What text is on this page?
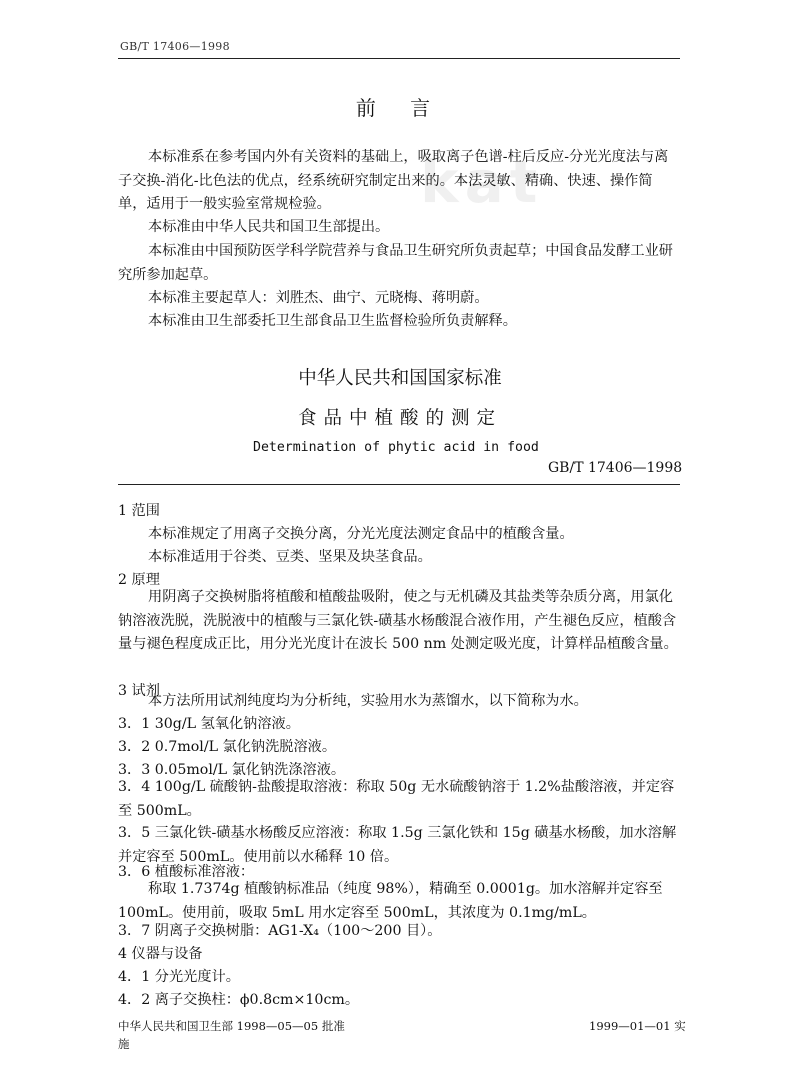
kat
GB/T 17406—1998
前 言
本标准系在参考国内外有关资料的基础上，吸取离子色谱-柱后反应-分光光度法与离子交换-消化-比色法的优点，经系统研究制定出来的。本法灵敏、精确、快速、操作简单，适用于一般实验室常规检验。
本标准由中华人民共和国卫生部提出。
本标准由中国预防医学科学院营养与食品卫生研究所负责起草；中国食品发酵工业研究所参加起草。
本标准主要起草人：刘胜杰、曲宁、元晓梅、蒋明蔚。
本标准由卫生部委托卫生部食品卫生监督检验所负责解释。
中华人民共和国国家标准
食品中植酸的测定
Determination of phytic acid in food
GB/T 17406—1998
1 范围
本标准规定了用离子交换分离，分光光度法测定食品中的植酸含量。
本标准适用于谷类、豆类、坚果及块茎食品。
2 原理
用阴离子交换树脂将植酸和植酸盐吸附，使之与无机磷及其盐类等杂质分离，用氯化钠溶液洗脱，洗脱液中的植酸与三氯化铁-磺基水杨酸混合液作用，产生褪色反应，植酸含量与褪色程度成正比，用分光光度计在波长 500 nm 处测定吸光度，计算样品植酸含量。
3 试剂
本方法所用试剂纯度均为分析纯，实验用水为蒸馏水，以下简称为水。
3．1 30g/L 氢氧化钠溶液。
3．2 0.7mol/L 氯化钠洗脱溶液。
3．3 0.05mol/L 氯化钠洗涤溶液。
3．4 100g/L 硫酸钠-盐酸提取溶液：称取 50g 无水硫酸钠溶于 1.2%盐酸溶液，并定容至 500mL。
3．5 三氯化铁-磺基水杨酸反应溶液：称取 1.5g 三氯化铁和 15g 磺基水杨酸，加水溶解并定容至 500mL。使用前以水稀释 10 倍。
3．6 植酸标准溶液：
称取 1.7374g 植酸钠标准品（纯度 98%），精确至 0.0001g。加水溶解并定容至 100mL。使用前，吸取 5mL 用水定容至 500mL，其浓度为 0.1mg/mL。
3．7 阴离子交换树脂：AG1-X₄（100～200 目）。
4 仪器与设备
4．1 分光光度计。
4．2 离子交换柱：ϕ0.8cm×10cm。
中华人民共和国卫生部 1998—05—05 批准	1999—01—01 实
施
